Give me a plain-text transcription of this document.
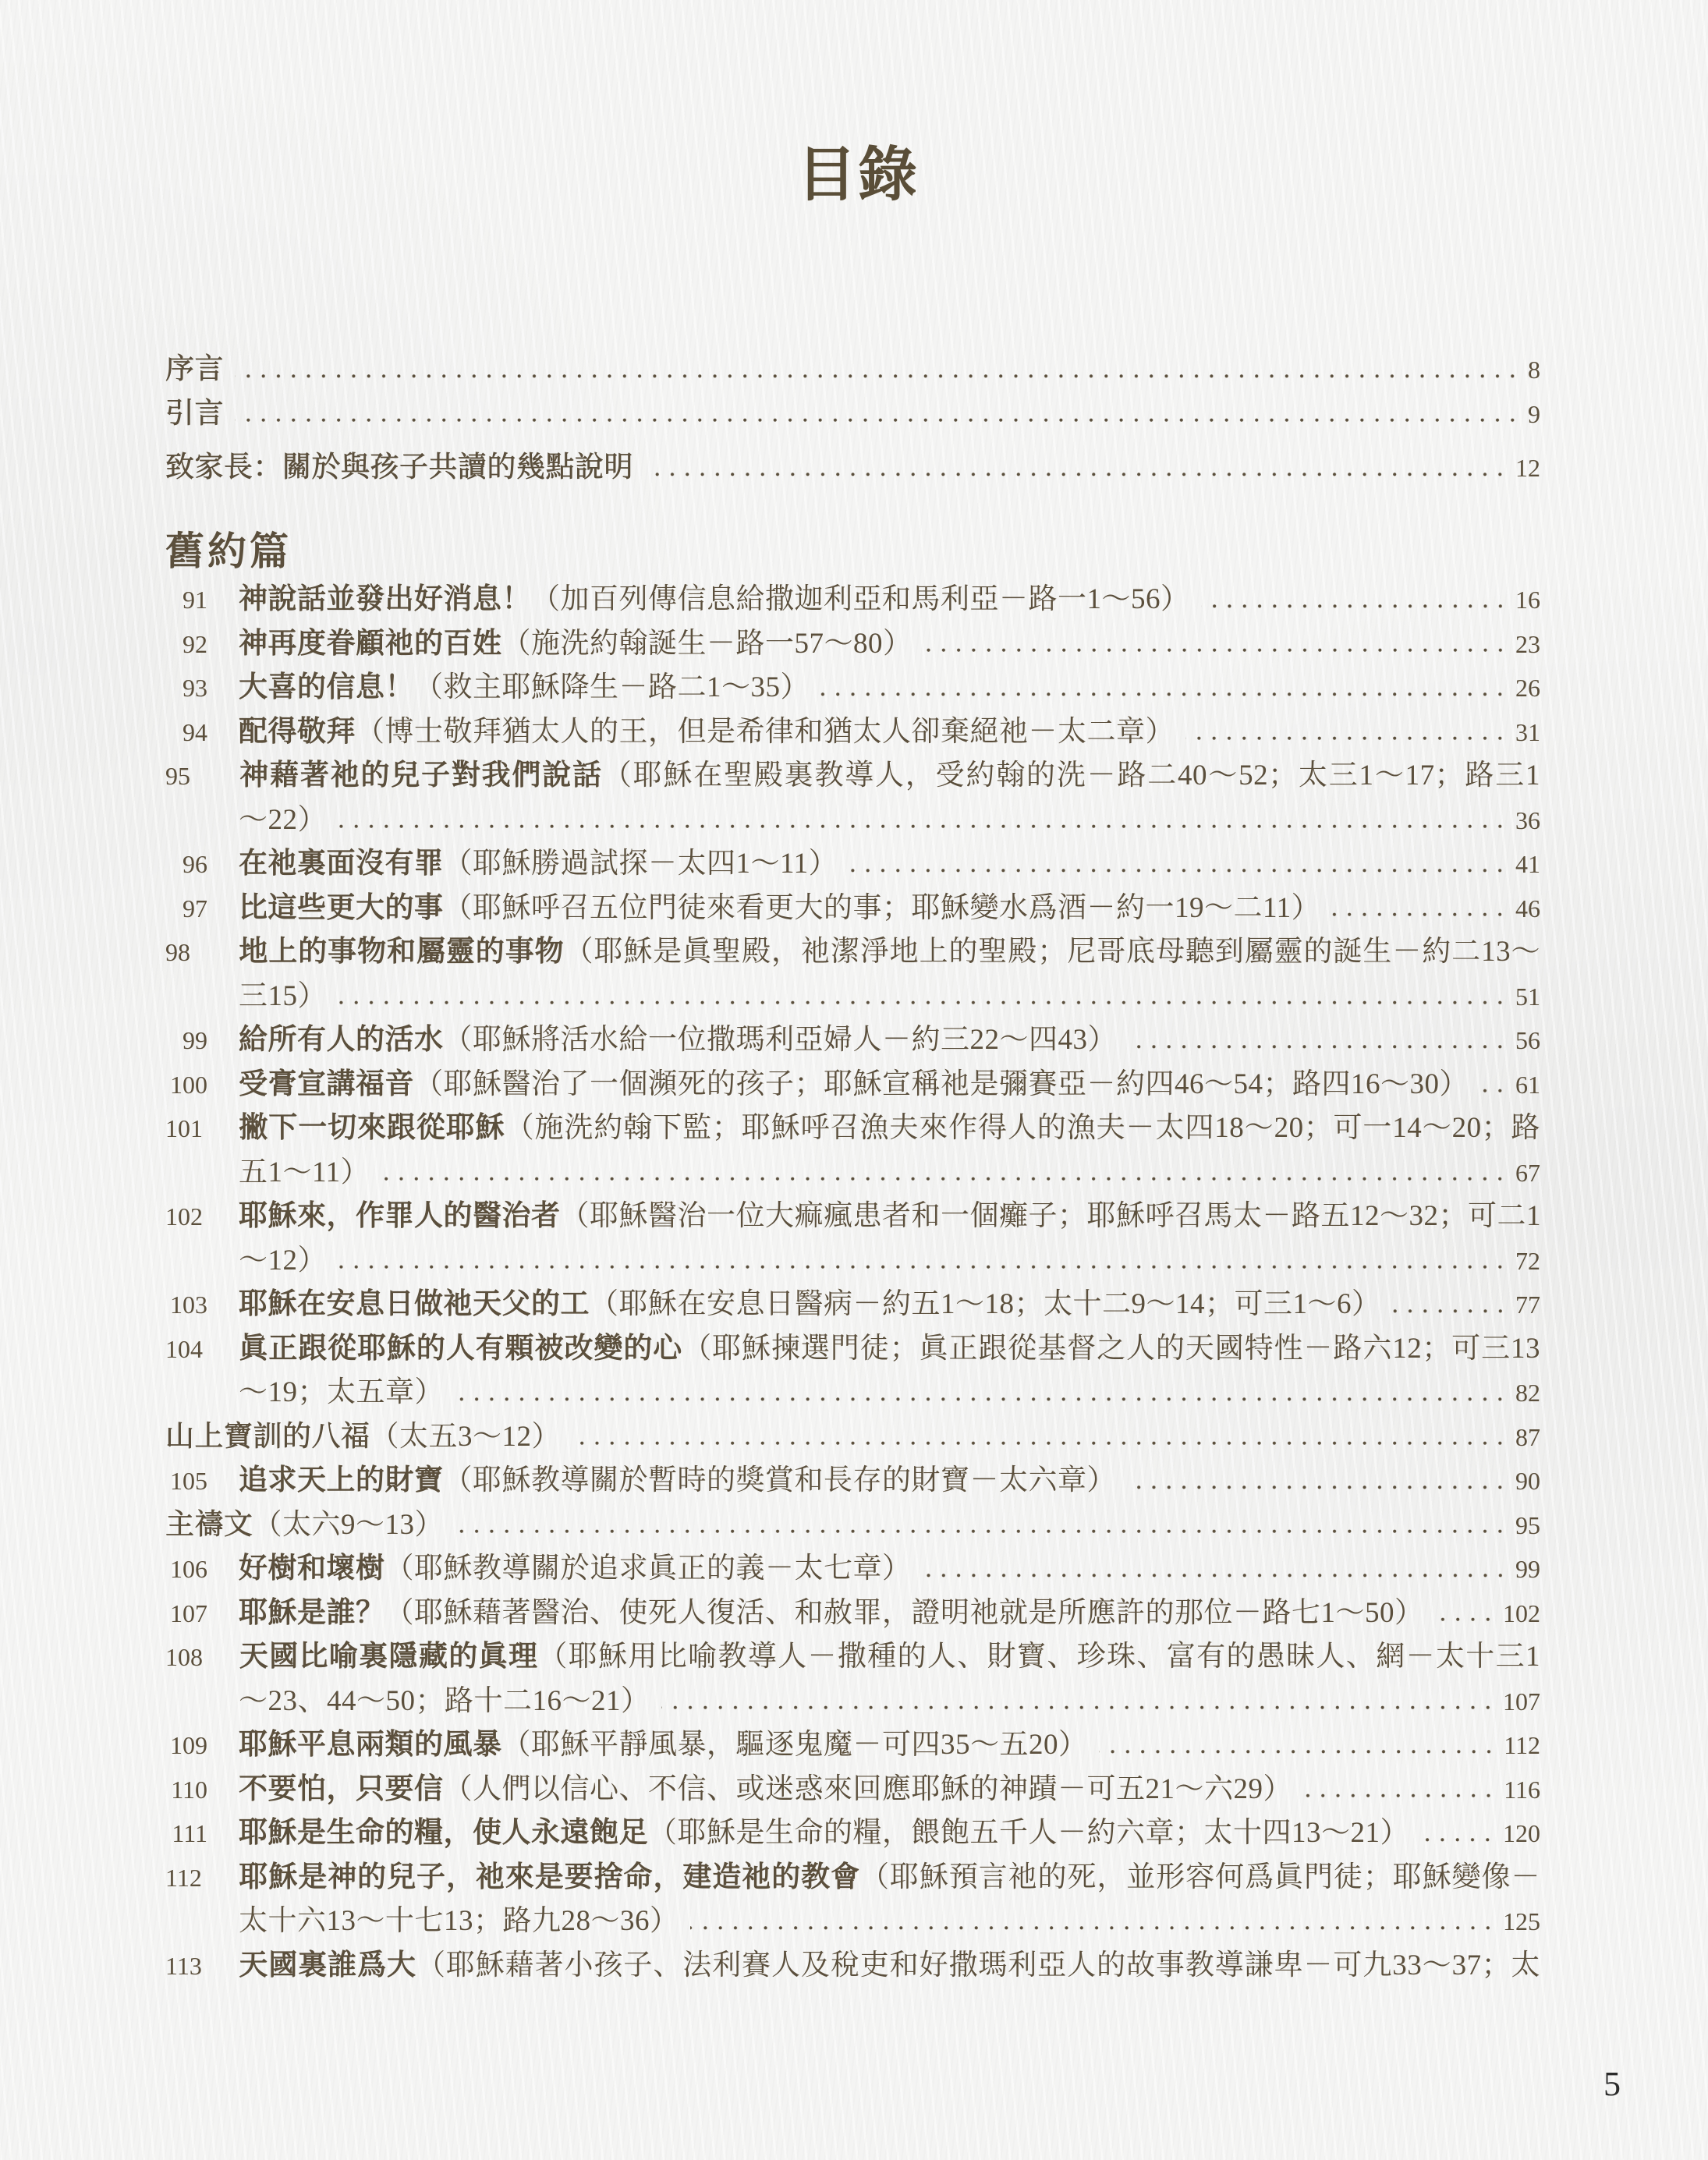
目錄
序言	8
引言	9
致家長：關於與孩子共讀的幾點說明	12
舊約篇
91 神說話並發出好消息！ （加百列傳信息給撒迦利亞和馬利亞－路一1～56）	16
92 神再度眷顧祂的百姓 （施洗約翰誕生－路一57～80）	23
93 大喜的信息！ （救主耶穌降生－路二1～35）	26
94 配得敬拜 （博士敬拜猶太人的王，但是希律和猶太人卻棄絕祂－太二章）	31
95 神藉著祂的兒子對我們說話（耶穌在聖殿裏教導人，受約翰的洗－路二40～52；太三1～17；路三1
～22）	36
96 在祂裏面沒有罪 （耶穌勝過試探－太四1～11）	41
97 比這些更大的事 （耶穌呼召五位門徒來看更大的事；耶穌變水爲酒－約一19～二11）	46
98 地上的事物和屬靈的事物（耶穌是眞聖殿，祂潔淨地上的聖殿；尼哥底母聽到屬靈的誕生－約二13～
三15）	51
99 給所有人的活水 （耶穌將活水給一位撒瑪利亞婦人－約三22～四43）	56
100 受膏宣講福音 （耶穌醫治了一個瀕死的孩子；耶穌宣稱祂是彌賽亞－約四46～54；路四16～30） 61
101 撇下一切來跟從耶穌（施洗約翰下監；耶穌呼召漁夫來作得人的漁夫－太四18～20；可一14～20；路
五1～11）	67
102 耶穌來，作罪人的醫治者（耶穌醫治一位大痲瘋患者和一個癱子；耶穌呼召馬太－路五12～32；可二1
～12）	72
103 耶穌在安息日做祂天父的工 （耶穌在安息日醫病－約五1～18；太十二9～14；可三1～6）	77
104 眞正跟從耶穌的人有顆被改變的心（耶穌揀選門徒；眞正跟從基督之人的天國特性－路六12；可三13
～19；太五章）	82
山上寶訓的八福 （太五3～12）	87
105 追求天上的財寶 （耶穌教導關於暫時的獎賞和長存的財寶－太六章）	90
主禱文 （太六9～13）	95
106 好樹和壞樹 （耶穌教導關於追求眞正的義－太七章）	99
107 耶穌是誰？ （耶穌藉著醫治、使死人復活、和赦罪，證明祂就是所應許的那位－路七1～50）	102
108 天國比喻裏隱藏的眞理（耶穌用比喻教導人－撒種的人、財寶、珍珠、富有的愚昧人、網－太十三1
～23、44～50；路十二16～21）	107
109 耶穌平息兩類的風暴 （耶穌平靜風暴，驅逐鬼魔－可四35～五20）	112
110 不要怕，只要信 （人們以信心、不信、或迷惑來回應耶穌的神蹟－可五21～六29）	116
111 耶穌是生命的糧，使人永遠飽足 （耶穌是生命的糧，餵飽五千人－約六章；太十四13～21）	120
112 耶穌是神的兒子，祂來是要捨命，建造祂的教會（耶穌預言祂的死，並形容何爲眞門徒；耶穌變像－
太十六13～十七13；路九28～36）	125
113 天國裏誰爲大（耶穌藉著小孩子、法利賽人及稅吏和好撒瑪利亞人的故事教導謙卑－可九33～37；太
5
